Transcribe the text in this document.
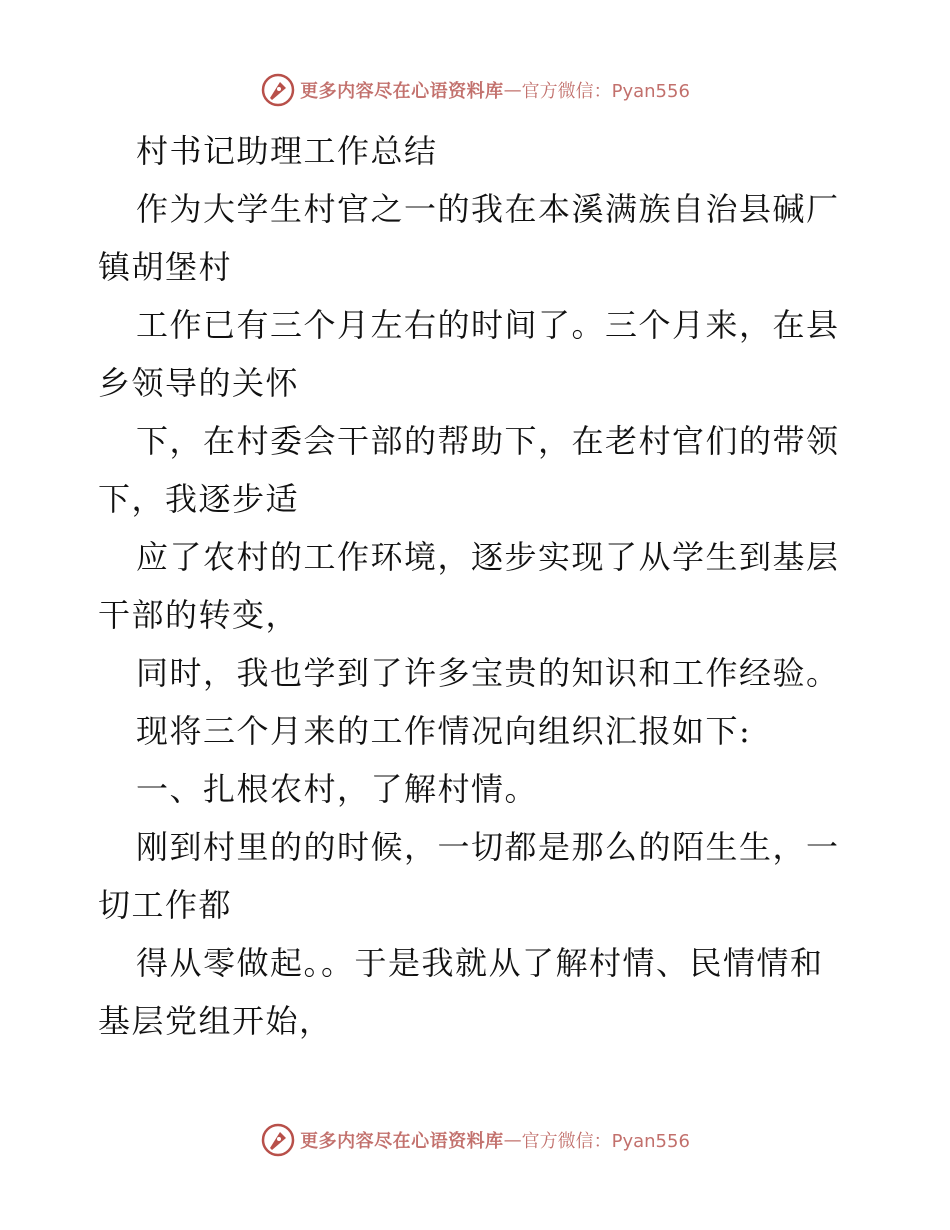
更多内容尽在心语资料库 — 官方微信：Pyan556
村书记助理工作总结
作为大学生村官之一的我在本溪满族自治县碱厂
镇胡堡村
工作已有三个月左右的时间了。三个月来，在县
乡领导的关怀
下，在村委会干部的帮助下，在老村官们的带领
下，我逐步适
应了农村的工作环境，逐步实现了从学生到基层
干部的转变，
同时，我也学到了许多宝贵的知识和工作经验。
现将三个月来的工作情况向组织汇报如下:
一、扎根农村，了解村情。
刚到村里的的时候，一切都是那么的陌生生，一
切工作都
得从零做起。。于是我就从了解村情、民情情和
基层党组开始，
更多内容尽在心语资料库 — 官方微信：Pyan556
